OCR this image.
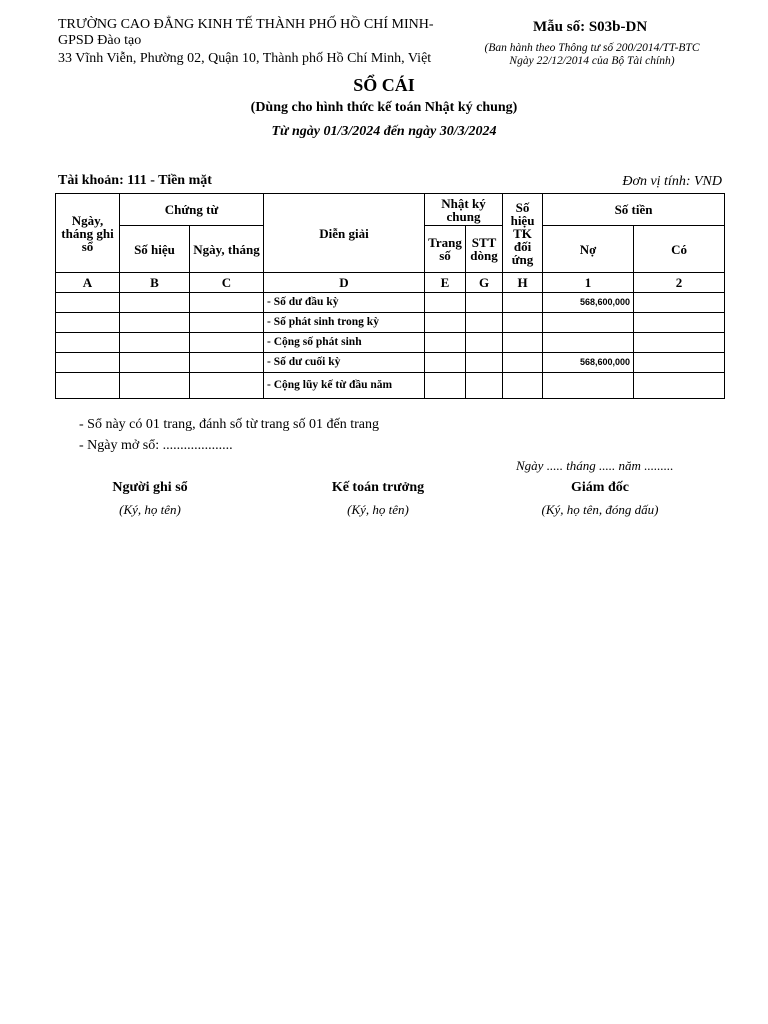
TRƯỜNG CAO ĐẲNG KINH TẾ THÀNH PHỐ HỒ CHÍ MINH-
GPSD Đào tạo
33 Vĩnh Viễn, Phường 02, Quận 10, Thành phố Hồ Chí Minh, Việt
Mẫu số: S03b-DN
(Ban hành theo Thông tư số 200/2014/TT-BTC
Ngày 22/12/2014 của Bộ Tài chính)
SỔ CÁI
(Dùng cho hình thức kế toán Nhật ký chung)
Từ ngày 01/3/2024 đến ngày 30/3/2024
Tài khoản: 111 - Tiền mặt	Đơn vị tính: VND
Ngày, tháng ghi sổ	Chứng từ		Diễn giải	Nhật ký chung		Số hiệu TK đối ứng	Số tiền	
	Số hiệu	Ngày, tháng		Trang số	STT dòng		Nợ	Có
A	B	C	D	E	G	H	1	2
			- Số dư đầu kỳ				568,600,000	
			- Số phát sinh trong kỳ					
			- Cộng số phát sinh					
			- Số dư cuối kỳ				568,600,000	
			- Cộng lũy kế từ đầu năm					
- Sổ này có 01 trang, đánh số từ trang số 01 đến trang
- Ngày mở sổ: ....................
Ngày ..... tháng ..... năm .........
Người ghi sổ	Kế toán trưởng	Giám đốc
(Ký, họ tên)	(Ký, họ tên)	(Ký, họ tên, đóng dấu)
